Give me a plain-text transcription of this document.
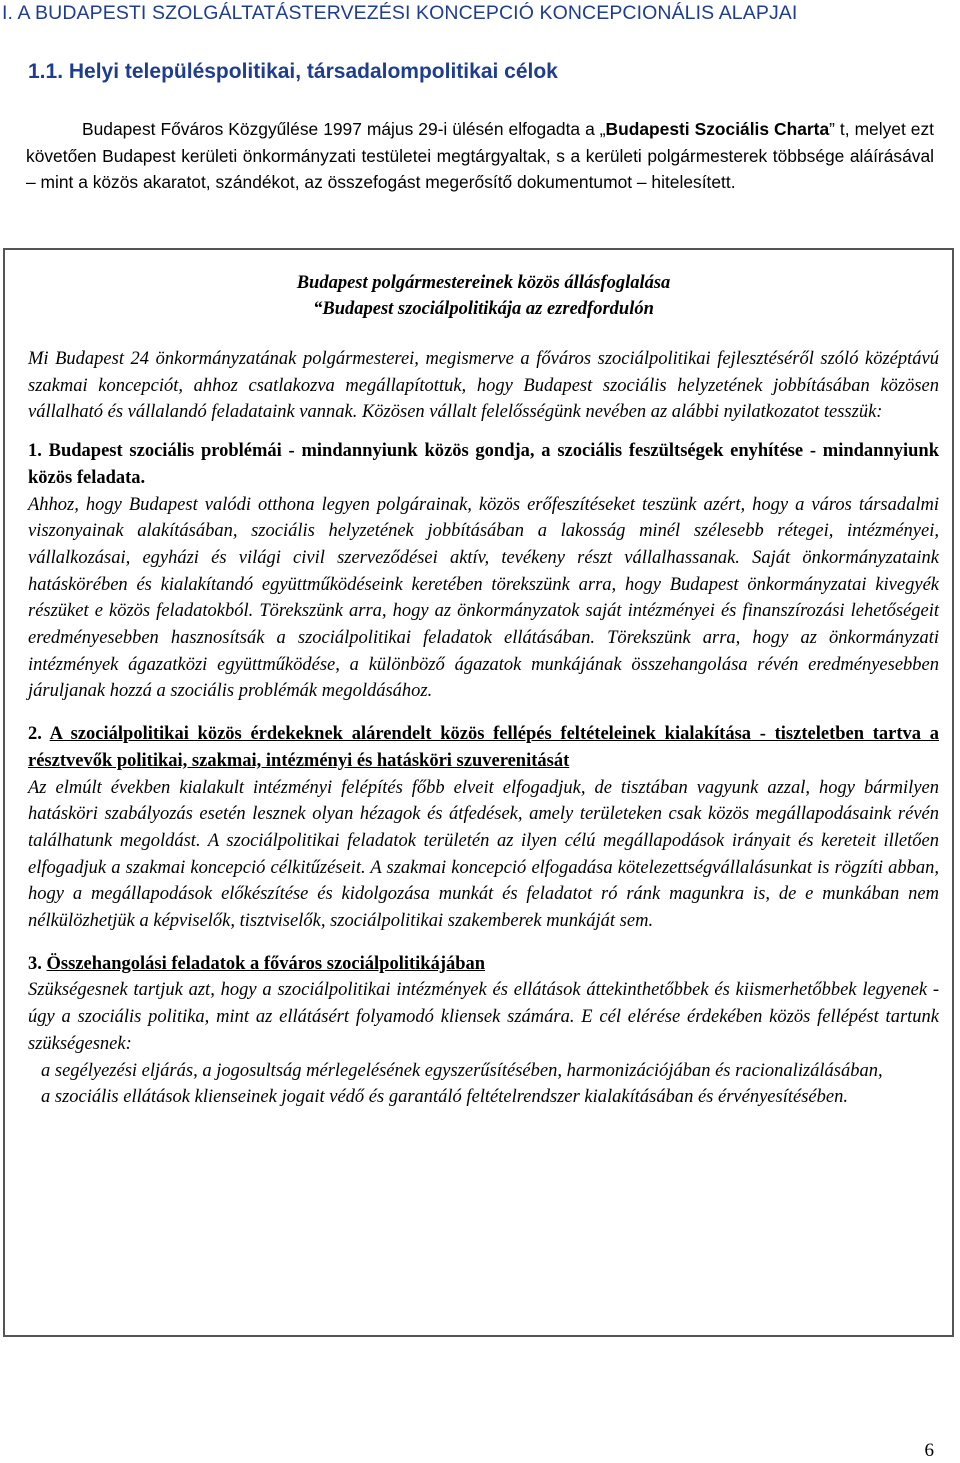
I. A BUDAPESTI SZOLGÁLTATÁSTERVEZÉSI KONCEPCIÓ KONCEPCIONÁLIS ALAPJAI
1.1. Helyi településpolitikai, társadalompolitikai célok

Budapest Főváros Közgyűlése 1997 május 29-i ülésén elfogadta a „Budapesti Szociális Charta” t, melyet ezt követően Budapest kerületi önkormányzati testületei megtárgyaltak, s a kerületi polgármesterek többsége aláírásával – mint a közös akaratot, szándékot, az összefogást megerősítő dokumentumot – hitelesített.

Budapest polgármestereinek közös állásfoglalása

“Budapest szociálpolitikája az ezredfordulón

Mi Budapest 24 önkormányzatának polgármesterei, megismerve a főváros szociálpolitikai fejlesztéséről szóló középtávú szakmai koncepciót, ahhoz csatlakozva megállapítottuk, hogy Budapest szociális helyzetének jobbításában közösen vállalható és vállalandó feladataink vannak. Közösen vállalt felelősségünk nevében az alábbi nyilatkozatot tesszük:

1. Budapest szociális problémái - mindannyiunk közös gondja, a szociális feszültségek enyhítése - mindannyiunk közös feladata.

Ahhoz, hogy Budapest valódi otthona legyen polgárainak, közös erőfeszítéseket teszünk azért, hogy a város társadalmi viszonyainak alakításában, szociális helyzetének jobbításában a lakosság minél szélesebb rétegei, intézményei, vállalkozásai, egyházi és világi civil szerveződései aktív, tevékeny részt vállalhassanak. Saját önkormányzataink hatáskörében és kialakítandó együttműködéseink keretében törekszünk arra, hogy Budapest önkormányzatai kivegyék részüket e közös feladatokból. Törekszünk arra, hogy az önkormányzatok saját intézményei és finanszírozási lehetőségeit eredményesebben hasznosítsák a szociálpolitikai feladatok ellátásában. Törekszünk arra, hogy az önkormányzati intézmények ágazatközi együttműködése, a különböző ágazatok munkájának összehangolása révén eredményesebben járuljanak hozzá a szociális problémák megoldásához.

2. A szociálpolitikai közös érdekeknek alárendelt közös fellépés feltételeinek kialakítása - tiszteletben tartva a résztvevők politikai, szakmai, intézményi és hatásköri szuverenitását

Az elmúlt években kialakult intézményi felépítés főbb elveit elfogadjuk, de tisztában vagyunk azzal, hogy bármilyen hatásköri szabályozás esetén lesznek olyan hézagok és átfedések, amely területeken csak közös megállapodásaink révén találhatunk megoldást. A szociálpolitikai feladatok területén az ilyen célú megállapodások irányait és kereteit illetően elfogadjuk a szakmai koncepció célkitűzéseit. A szakmai koncepció elfogadása kötelezettségvállalásunkat is rögzíti abban, hogy a megállapodások előkészítése és kidolgozása munkát és feladatot ró ránk magunkra is, de e munkában nem nélkülözhetjük a képviselők, tisztviselők, szociálpolitikai szakemberek munkáját sem.

3. Összehangolási feladatok a főváros szociálpolitikájában

Szükségesnek tartjuk azt, hogy a szociálpolitikai intézmények és ellátások áttekinthetőbbek és kiismerhetőbbek legyenek - úgy a szociális politika, mint az ellátásért folyamodó kliensek számára. E cél elérése érdekében közös fellépést tartunk szükségesnek:

a segélyezési eljárás, a jogosultság mérlegelésének egyszerűsítésében, harmonizációjában és racionalizálásában,

a szociális ellátások klienseinek jogait védő és garantáló feltételrendszer kialakításában és érvényesítésében.

6
